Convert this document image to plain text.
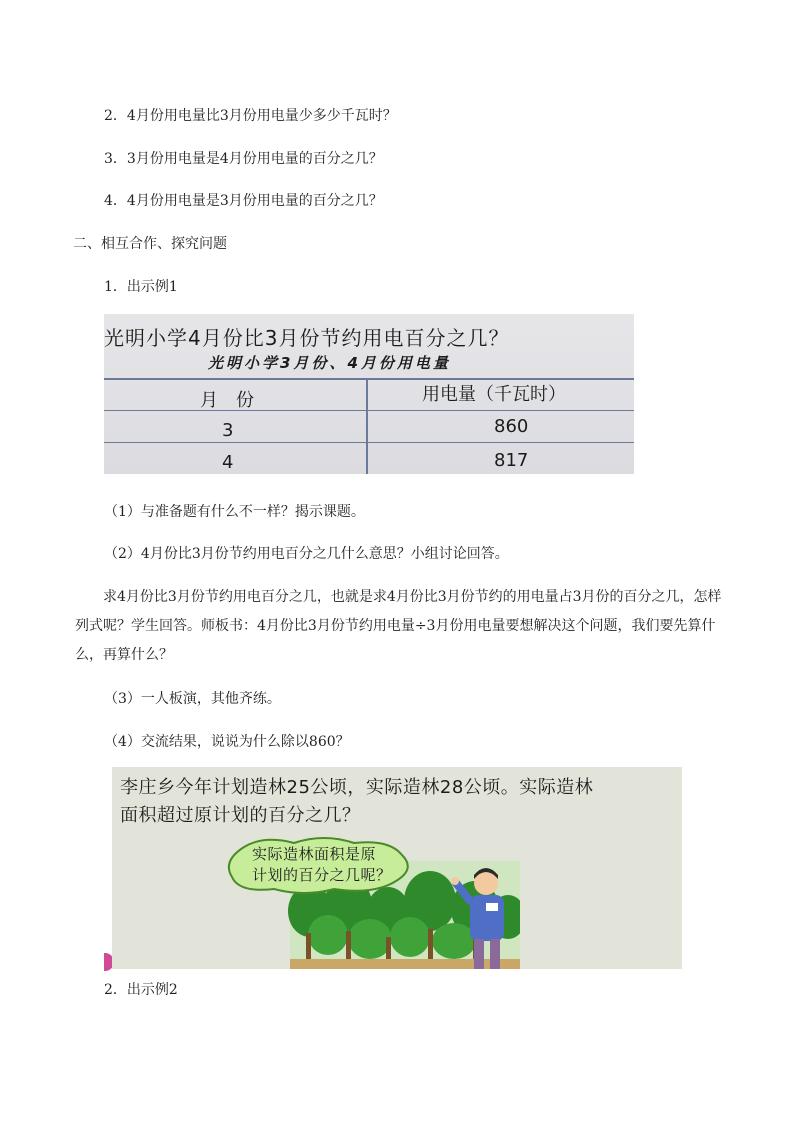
2．4月份用电量比3月份用电量少多少千瓦时？
3．3月份用电量是4月份用电量的百分之几？
4．4月份用电量是3月份用电量的百分之几？
二、相互合作、探究问题
1．出示例1
光明小学4月份比3月份节约用电百分之几？
光明小学3月份、4月份用电量
月　份	用电量（千瓦时）
3	860
4	817
（1）与准备题有什么不一样？揭示课题。
（2）4月份比3月份节约用电百分之几什么意思？小组讨论回答。
求4月份比3月份节约用电百分之几，也就是求4月份比3月份节约的用电量占3月份的百分之几，怎样列式呢？学生回答。师板书：4月份比3月份节约用电量÷3月份用电量要想解决这个问题，我们要先算什么，再算什么？
（3）一人板演，其他齐练。
（4）交流结果，说说为什么除以860？
李庄乡今年计划造林25公顷，实际造林28公顷。实际造林
面积超过原计划的百分之几？
实际造林面积是原
计划的百分之几呢？
2．出示例2
